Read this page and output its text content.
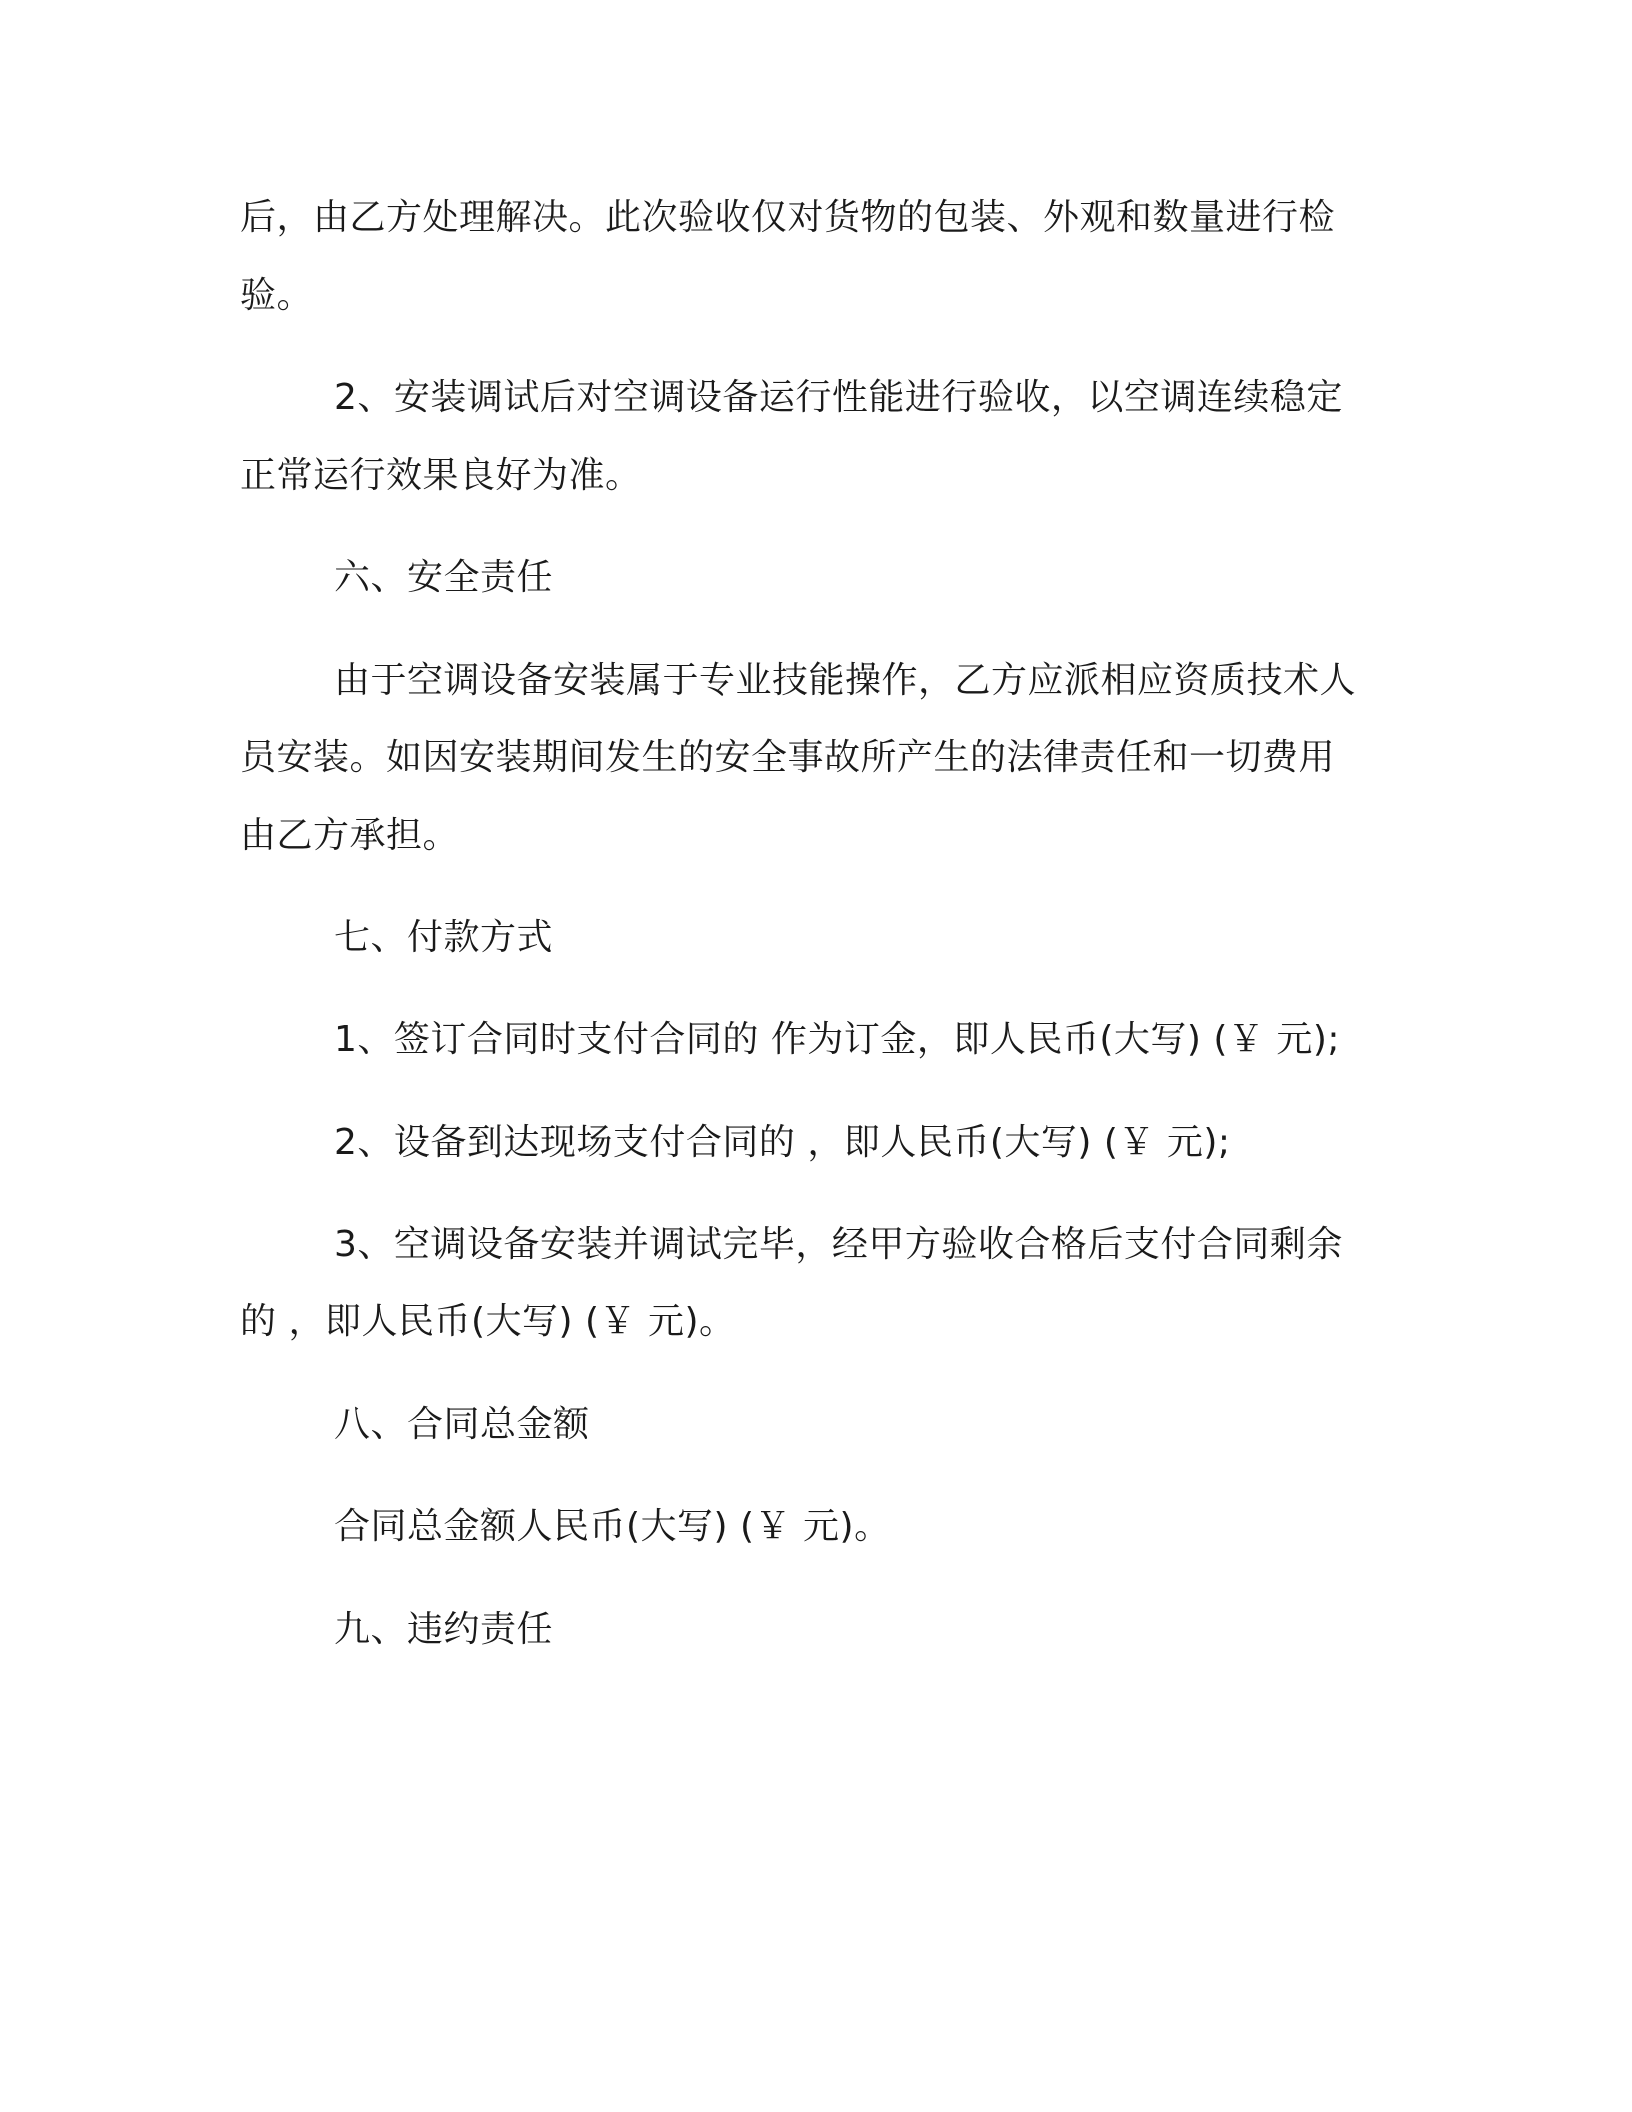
后，由乙方处理解决。此次验收仅对货物的包装、外观和数量进行检
验。
2、安装调试后对空调设备运行性能进行验收，以空调连续稳定
正常运行效果良好为准。
六、安全责任
由于空调设备安装属于专业技能操作，乙方应派相应资质技术人
员安装。如因安装期间发生的安全事故所产生的法律责任和一切费用
由乙方承担。
七、付款方式
1、签订合同时支付合同的 作为订金，即人民币(大写) (￥ 元);
2、设备到达现场支付合同的 ，即人民币(大写) (￥ 元);
3、空调设备安装并调试完毕，经甲方验收合格后支付合同剩余
的 ，即人民币(大写) (￥ 元)。
八、合同总金额
合同总金额人民币(大写) (￥ 元)。
九、违约责任
